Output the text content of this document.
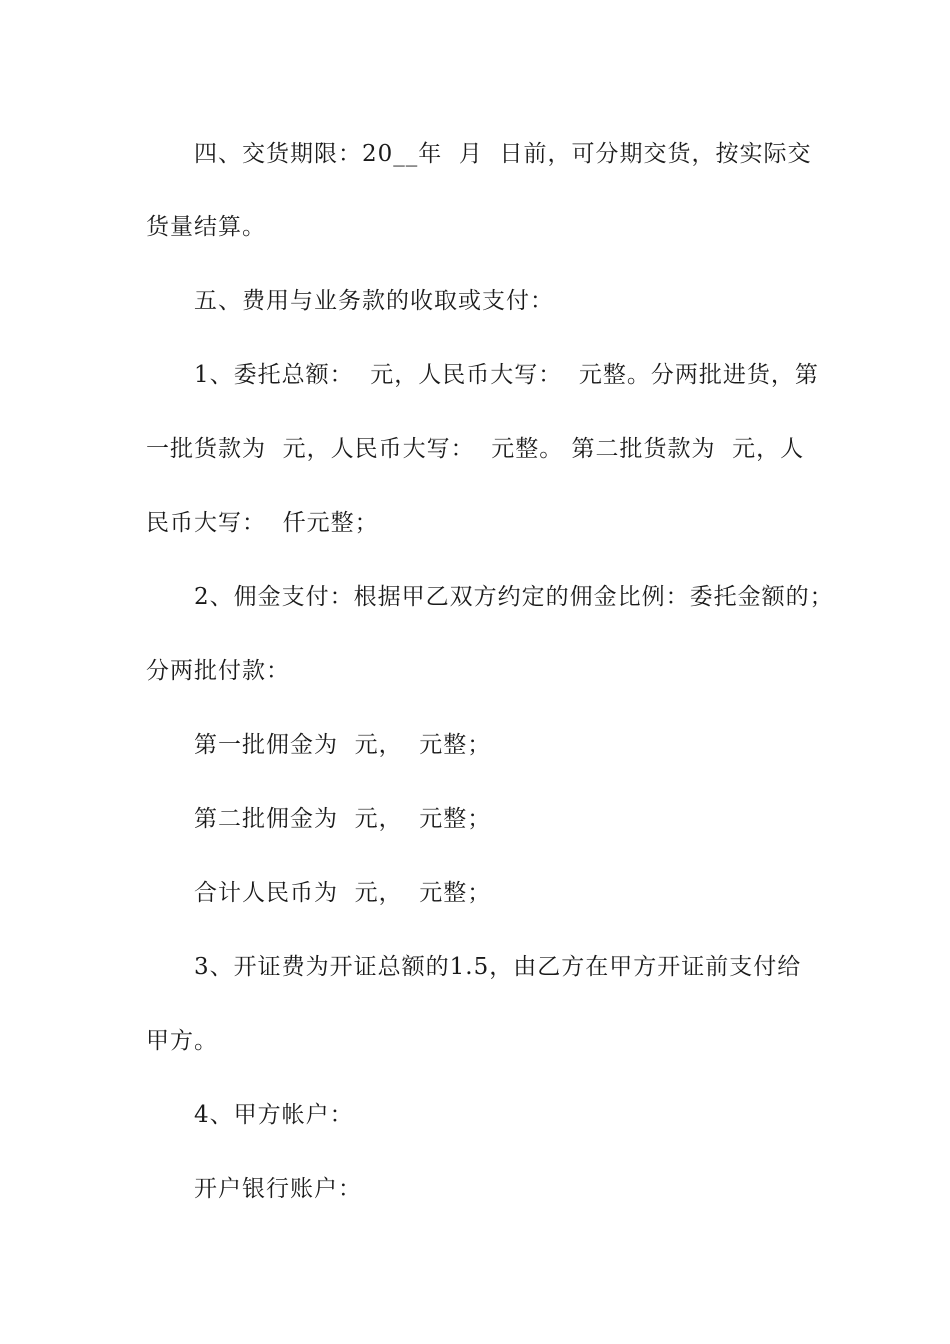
四、交货期限：20__年  月  日前，可分期交货，按实际交
货量结算。
五、费用与业务款的收取或支付：
1、委托总额：  元，人民币大写：  元整。分两批进货，第
一批货款为  元，人民币大写：  元整。 第二批货款为  元，人
民币大写：  仟元整；
2、佣金支付：根据甲乙双方约定的佣金比例：委托金额的；
分两批付款：
第一批佣金为  元，  元整；
第二批佣金为  元，  元整；
合计人民币为  元，  元整；
3、开证费为开证总额的1.5，由乙方在甲方开证前支付给
甲方。
4、甲方帐户：
开户银行账户：
